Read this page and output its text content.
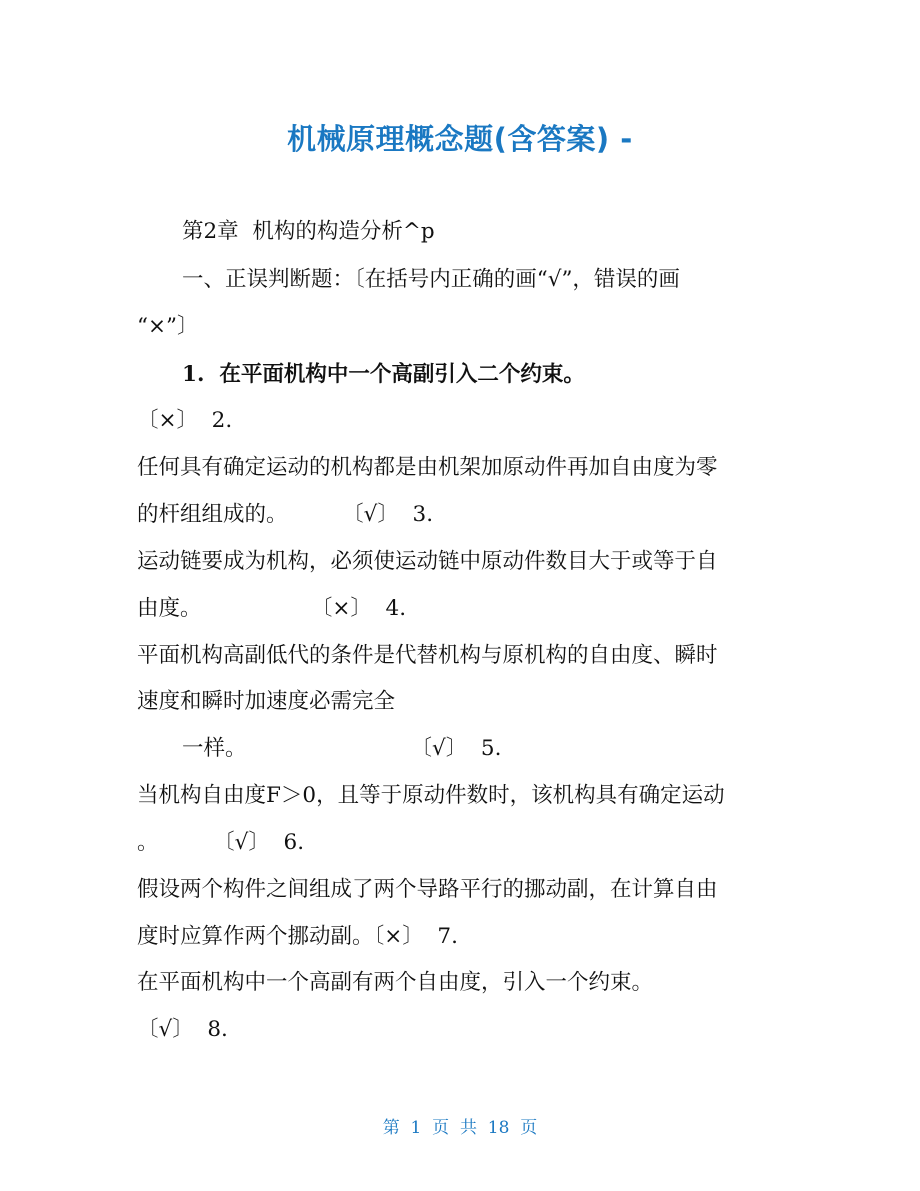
机械原理概念题(含答案) -

第2章  机构的构造分析^p

一、正误判断题：〔在括号内正确的画“√”，错误的画

“×”〕

1.  在平面机构中一个高副引入二个约束。

〔×〕  2.

任何具有确定运动的机构都是由机架加原动件再加自由度为零

的杆组组成的。        〔√〕  3.

运动链要成为机构，必须使运动链中原动件数目大于或等于自

由度。                〔×〕  4.

平面机构高副低代的条件是代替机构与原机构的自由度、瞬时

速度和瞬时加速度必需完全

一样。                        〔√〕  5.

当机构自由度F＞0，且等于原动件数时，该机构具有确定运动

。        〔√〕  6.

假设两个构件之间组成了两个导路平行的挪动副，在计算自由

度时应算作两个挪动副。〔×〕  7.

在平面机构中一个高副有两个自由度，引入一个约束。

〔√〕  8.

第  1  页  共  18  页
